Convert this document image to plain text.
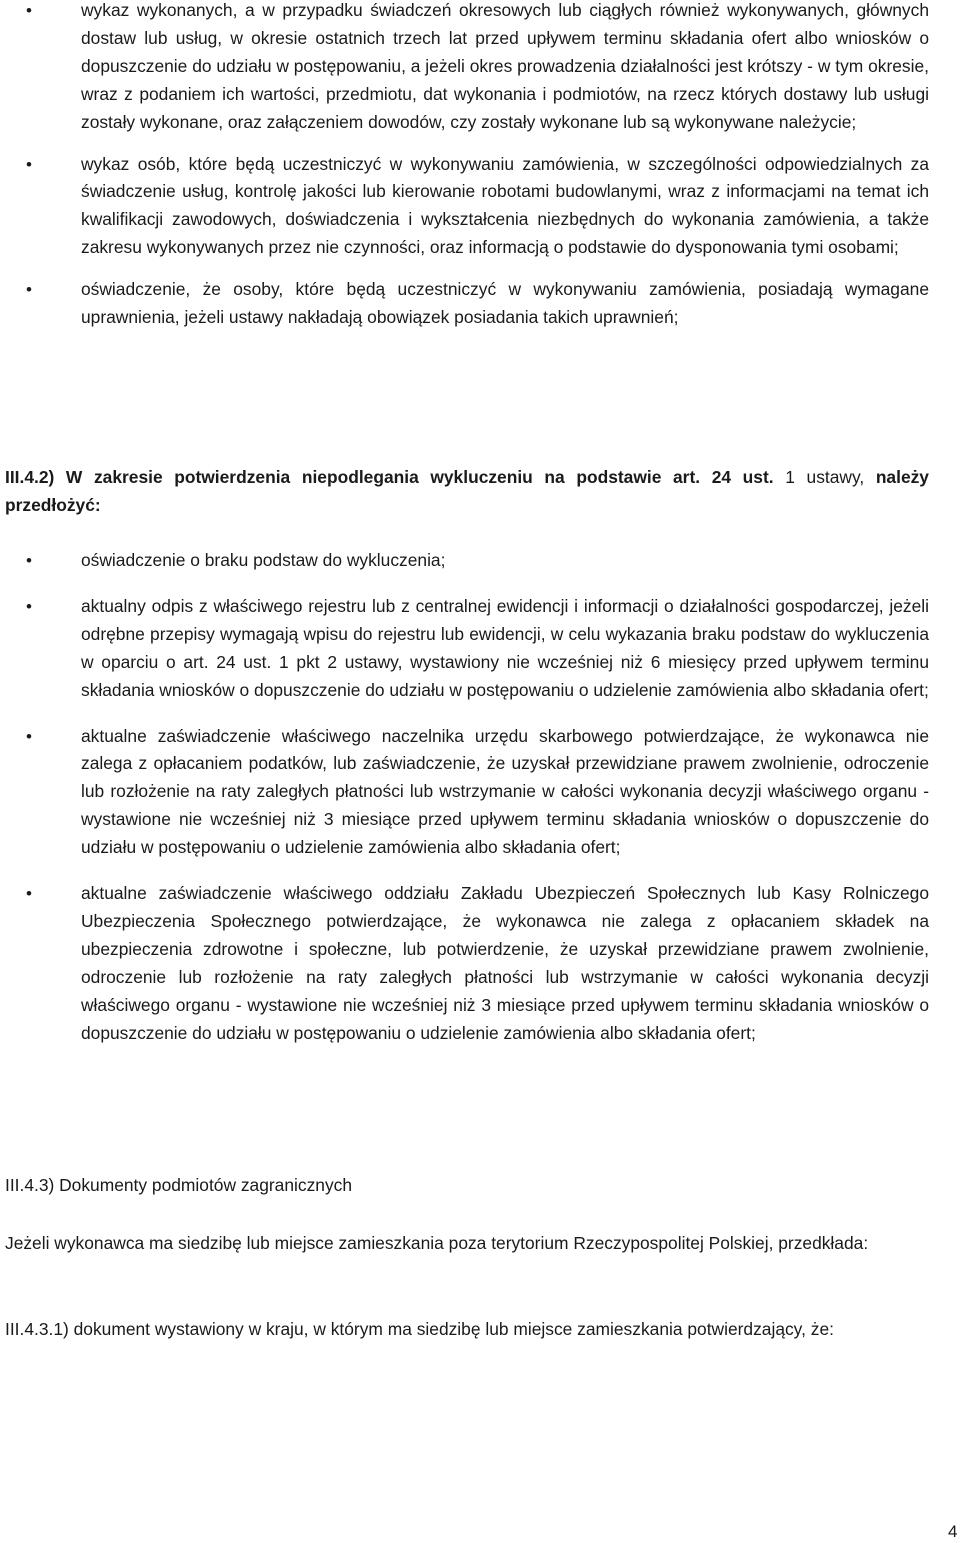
•	wykaz wykonanych, a w przypadku świadczeń okresowych lub ciągłych również wykonywanych, głównych dostaw lub usług, w okresie ostatnich trzech lat przed upływem terminu składania ofert albo wniosków o dopuszczenie do udziału w postępowaniu, a jeżeli okres prowadzenia działalności jest krótszy - w tym okresie, wraz z podaniem ich wartości, przedmiotu, dat wykonania i podmiotów, na rzecz których dostawy lub usługi zostały wykonane, oraz załączeniem dowodów, czy zostały wykonane lub są wykonywane należycie;

•	wykaz osób, które będą uczestniczyć w wykonywaniu zamówienia, w szczególności odpowiedzialnych za świadczenie usług, kontrolę jakości lub kierowanie robotami budowlanymi, wraz z informacjami na temat ich kwalifikacji zawodowych, doświadczenia i wykształcenia niezbędnych do wykonania zamówienia, a także zakresu wykonywanych przez nie czynności, oraz informacją o podstawie do dysponowania tymi osobami;

•	oświadczenie, że osoby, które będą uczestniczyć w wykonywaniu zamówienia, posiadają wymagane uprawnienia, jeżeli ustawy nakładają obowiązek posiadania takich uprawnień;

III.4.2) W zakresie potwierdzenia niepodlegania wykluczeniu na podstawie art. 24 ust. 1 ustawy, należy przedłożyć:

•	oświadczenie o braku podstaw do wykluczenia;

•	aktualny odpis z właściwego rejestru lub z centralnej ewidencji i informacji o działalności gospodarczej, jeżeli odrębne przepisy wymagają wpisu do rejestru lub ewidencji, w celu wykazania braku podstaw do wykluczenia w oparciu o art. 24 ust. 1 pkt 2 ustawy, wystawiony nie wcześniej niż 6 miesięcy przed upływem terminu składania wniosków o dopuszczenie do udziału w postępowaniu o udzielenie zamówienia albo składania ofert;

•	aktualne zaświadczenie właściwego naczelnika urzędu skarbowego potwierdzające, że wykonawca nie zalega z opłacaniem podatków, lub zaświadczenie, że uzyskał przewidziane prawem zwolnienie, odroczenie lub rozłożenie na raty zaległych płatności lub wstrzymanie w całości wykonania decyzji właściwego organu - wystawione nie wcześniej niż 3 miesiące przed upływem terminu składania wniosków o dopuszczenie do udziału w postępowaniu o udzielenie zamówienia albo składania ofert;

•	aktualne zaświadczenie właściwego oddziału Zakładu Ubezpieczeń Społecznych lub Kasy Rolniczego Ubezpieczenia Społecznego potwierdzające, że wykonawca nie zalega z opłacaniem składek na ubezpieczenia zdrowotne i społeczne, lub potwierdzenie, że uzyskał przewidziane prawem zwolnienie, odroczenie lub rozłożenie na raty zaległych płatności lub wstrzymanie w całości wykonania decyzji właściwego organu - wystawione nie wcześniej niż 3 miesiące przed upływem terminu składania wniosków o dopuszczenie do udziału w postępowaniu o udzielenie zamówienia albo składania ofert;

III.4.3) Dokumenty podmiotów zagranicznych

Jeżeli wykonawca ma siedzibę lub miejsce zamieszkania poza terytorium Rzeczypospolitej Polskiej, przedkłada:

III.4.3.1) dokument wystawiony w kraju, w którym ma siedzibę lub miejsce zamieszkania potwierdzający, że:

4
